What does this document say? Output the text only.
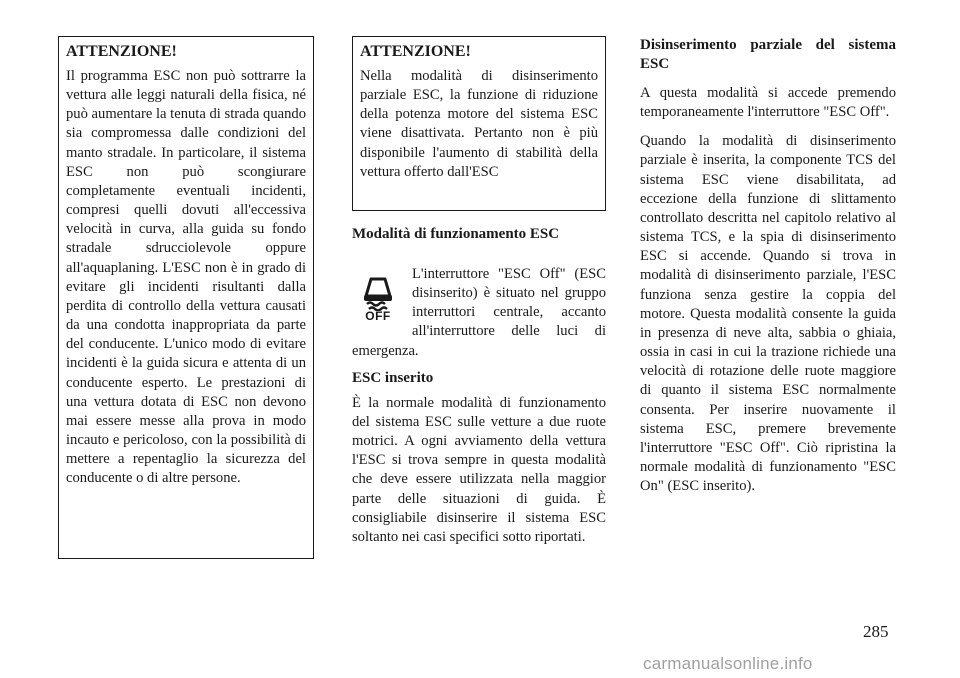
ATTENZIONE!

Il programma ESC non può sottrarre la vettura alle leggi naturali della fisica, né può aumentare la tenuta di strada quando sia compromessa dalle condizioni del manto stradale. In particolare, il sistema ESC non può scongiurare completamente eventuali incidenti, compresi quelli dovuti all'eccessiva velocità in curva, alla guida su fondo stradale sdrucciolevole oppure all'aquaplaning. L'ESC non è in grado di evitare gli incidenti risultanti dalla perdita di controllo della vettura causati da una condotta inappropriata da parte del conducente. L'unico modo di evitare incidenti è la guida sicura e attenta di un conducente esperto. Le prestazioni di una vettura dotata di ESC non devono mai essere messe alla prova in modo incauto e pericoloso, con la possibilità di mettere a repentaglio la sicurezza del conducente o di altre persone.

ATTENZIONE!

Nella modalità di disinserimento parziale ESC, la funzione di riduzione della potenza motore del sistema ESC viene disattivata. Pertanto non è più disponibile l'aumento di stabilità della vettura offerto dall'ESC

Modalità di funzionamento ESC
OFF

L'interruttore "ESC Off" (ESC disinserito) è situato nel gruppo interruttori centrale, accanto all'interruttore delle luci di emergenza.

ESC inserito

È la normale modalità di funzionamento del sistema ESC sulle vetture a due ruote motrici. A ogni avviamento della vettura l'ESC si trova sempre in questa modalità che deve essere utilizzata nella maggior parte delle situazioni di guida. È consigliabile disinserire il sistema ESC soltanto nei casi specifici sotto riportati.

Disinserimento parziale del sistema ESC

A questa modalità si accede premendo temporaneamente l'interruttore "ESC Off".

Quando la modalità di disinserimento parziale è inserita, la componente TCS del sistema ESC viene disabilitata, ad eccezione della funzione di slittamento controllato descritta nel capitolo relativo al sistema TCS, e la spia di disinserimento ESC si accende. Quando si trova in modalità di disinserimento parziale, l'ESC funziona senza gestire la coppia del motore. Questa modalità consente la guida in presenza di neve alta, sabbia o ghiaia, ossia in casi in cui la trazione richiede una velocità di rotazione delle ruote maggiore di quanto il sistema ESC normalmente consenta. Per inserire nuovamente il sistema ESC, premere brevemente l'interruttore "ESC Off". Ciò ripristina la normale modalità di funzionamento "ESC On" (ESC inserito).

285
carmanualsonline.info
